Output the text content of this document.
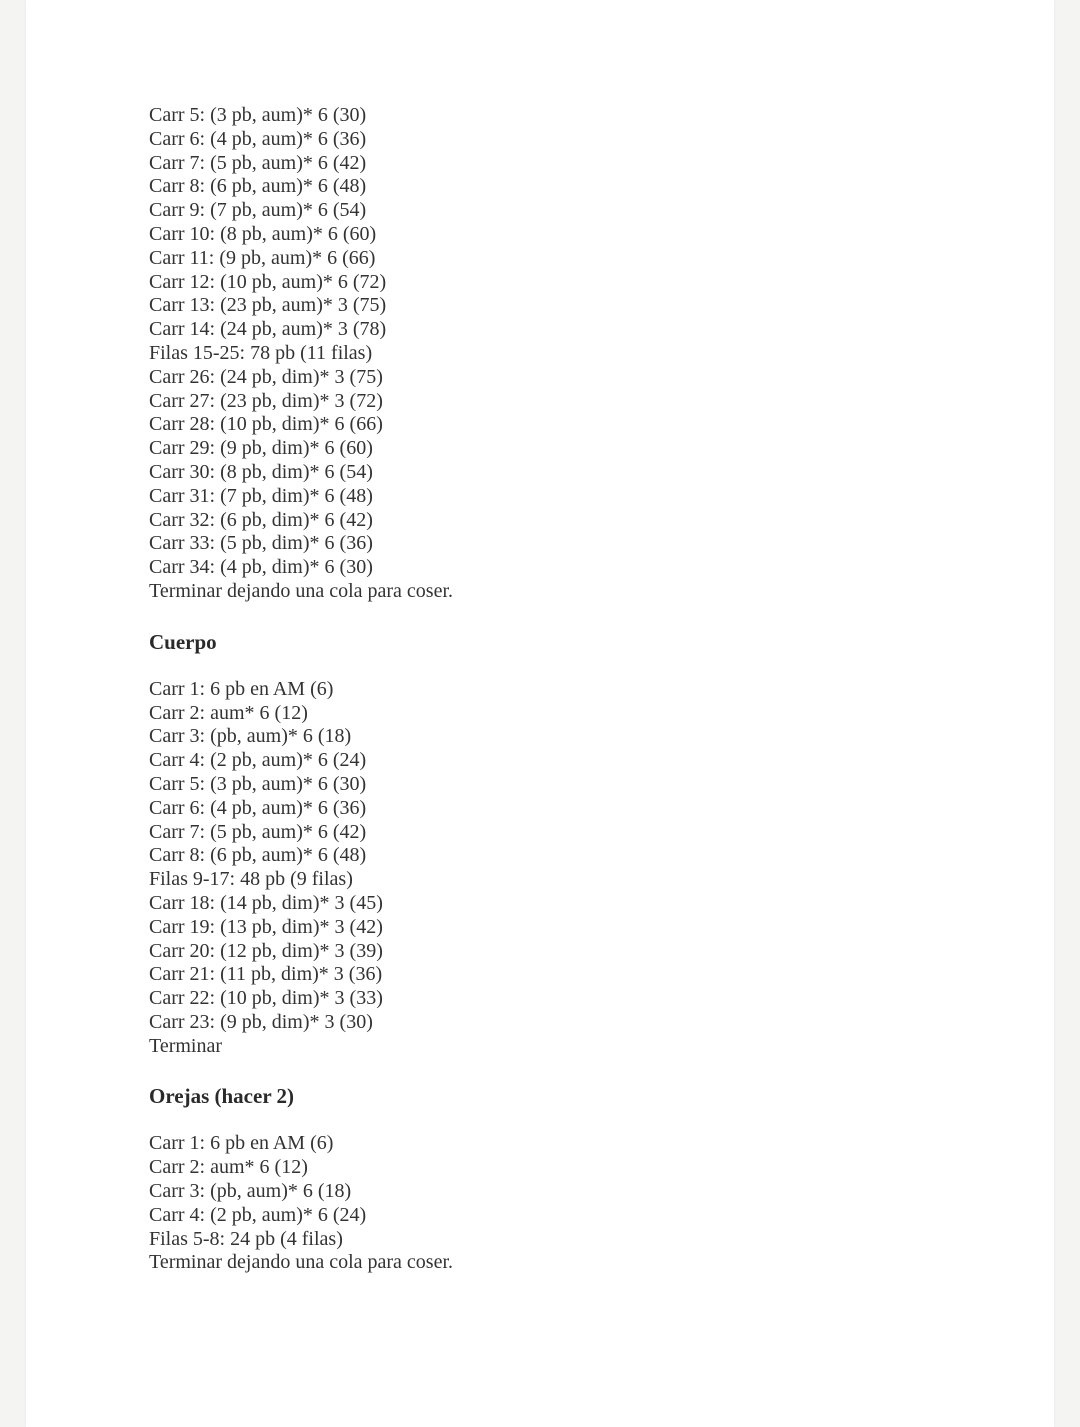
Carr 5: (3 pb, aum)* 6 (30)
Carr 6: (4 pb, aum)* 6 (36)
Carr 7: (5 pb, aum)* 6 (42)
Carr 8: (6 pb, aum)* 6 (48)
Carr 9: (7 pb, aum)* 6 (54)
Carr 10: (8 pb, aum)* 6 (60)
Carr 11: (9 pb, aum)* 6 (66)
Carr 12: (10 pb, aum)* 6 (72)
Carr 13: (23 pb, aum)* 3 (75)
Carr 14: (24 pb, aum)* 3 (78)
Filas 15-25: 78 pb (11 filas)
Carr 26: (24 pb, dim)* 3 (75)
Carr 27: (23 pb, dim)* 3 (72)
Carr 28: (10 pb, dim)* 6 (66)
Carr 29: (9 pb, dim)* 6 (60)
Carr 30: (8 pb, dim)* 6 (54)
Carr 31: (7 pb, dim)* 6 (48)
Carr 32: (6 pb, dim)* 6 (42)
Carr 33: (5 pb, dim)* 6 (36)
Carr 34: (4 pb, dim)* 6 (30)
Terminar dejando una cola para coser.
Cuerpo
Carr 1: 6 pb en AM (6)
Carr 2: aum* 6 (12)
Carr 3: (pb, aum)* 6 (18)
Carr 4: (2 pb, aum)* 6 (24)
Carr 5: (3 pb, aum)* 6 (30)
Carr 6: (4 pb, aum)* 6 (36)
Carr 7: (5 pb, aum)* 6 (42)
Carr 8: (6 pb, aum)* 6 (48)
Filas 9-17: 48 pb (9 filas)
Carr 18: (14 pb, dim)* 3 (45)
Carr 19: (13 pb, dim)* 3 (42)
Carr 20: (12 pb, dim)* 3 (39)
Carr 21: (11 pb, dim)* 3 (36)
Carr 22: (10 pb, dim)* 3 (33)
Carr 23: (9 pb, dim)* 3 (30)
Terminar
Orejas (hacer 2)
Carr 1: 6 pb en AM (6)
Carr 2: aum* 6 (12)
Carr 3: (pb, aum)* 6 (18)
Carr 4: (2 pb, aum)* 6 (24)
Filas 5-8: 24 pb (4 filas)
Terminar dejando una cola para coser.
